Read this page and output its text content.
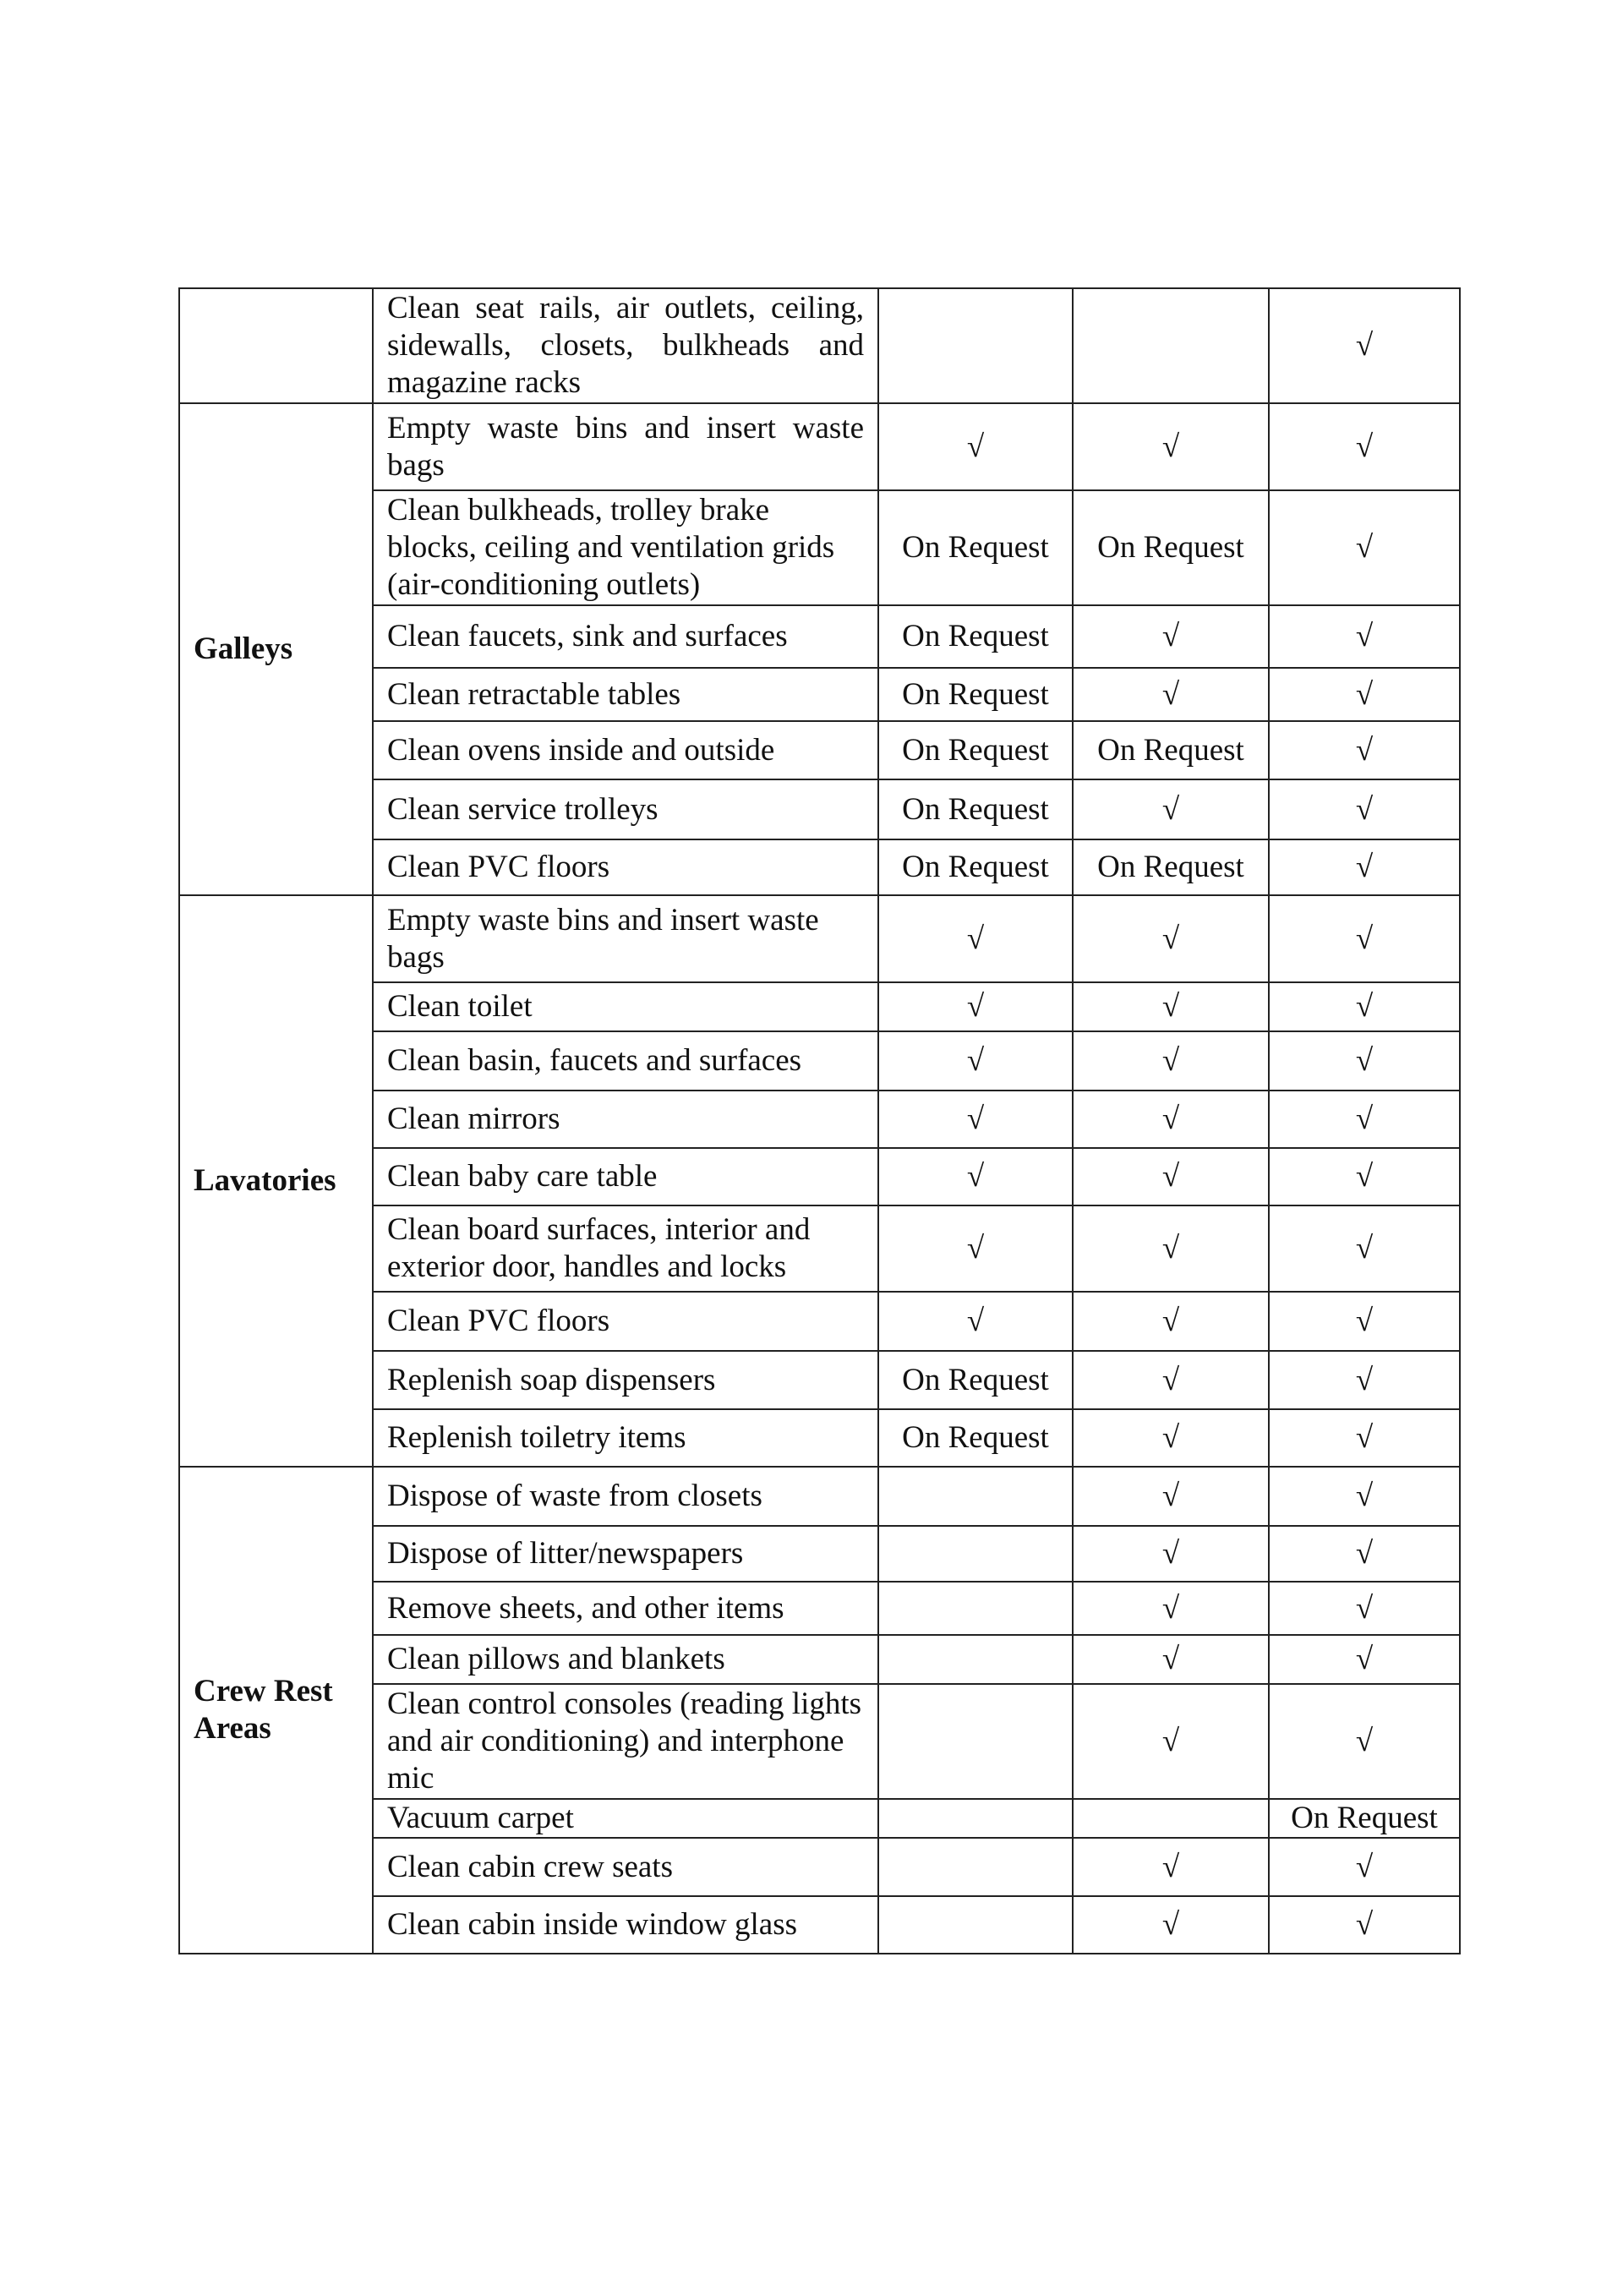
	Clean seat rails, air outlets, ceiling, sidewalls, closets, bulkheads and magazine racks			√
Galleys	Empty waste bins and insert waste bags	√	√	√
	Clean bulkheads, trolley brake blocks, ceiling and ventilation grids (air-conditioning outlets)	On Request	On Request	√
	Clean faucets, sink and surfaces	On Request	√	√
	Clean retractable tables	On Request	√	√
	Clean ovens inside and outside	On Request	On Request	√
	Clean service trolleys	On Request	√	√
	Clean PVC floors	On Request	On Request	√
Lavatories	Empty waste bins and insert waste bags	√	√	√
	Clean toilet	√	√	√
	Clean basin, faucets and surfaces	√	√	√
	Clean mirrors	√	√	√
	Clean baby care table	√	√	√
	Clean board surfaces, interior and exterior door, handles and locks	√	√	√
	Clean PVC floors	√	√	√
	Replenish soap dispensers	On Request	√	√
	Replenish toiletry items	On Request	√	√
Crew Rest Areas	Dispose of waste from closets		√	√
	Dispose of litter/newspapers		√	√
	Remove sheets, and other items		√	√
	Clean pillows and blankets		√	√
	Clean control consoles (reading lights and air conditioning) and interphone mic		√	√
	Vacuum carpet			On Request
	Clean cabin crew seats		√	√
	Clean cabin inside window glass		√	√
